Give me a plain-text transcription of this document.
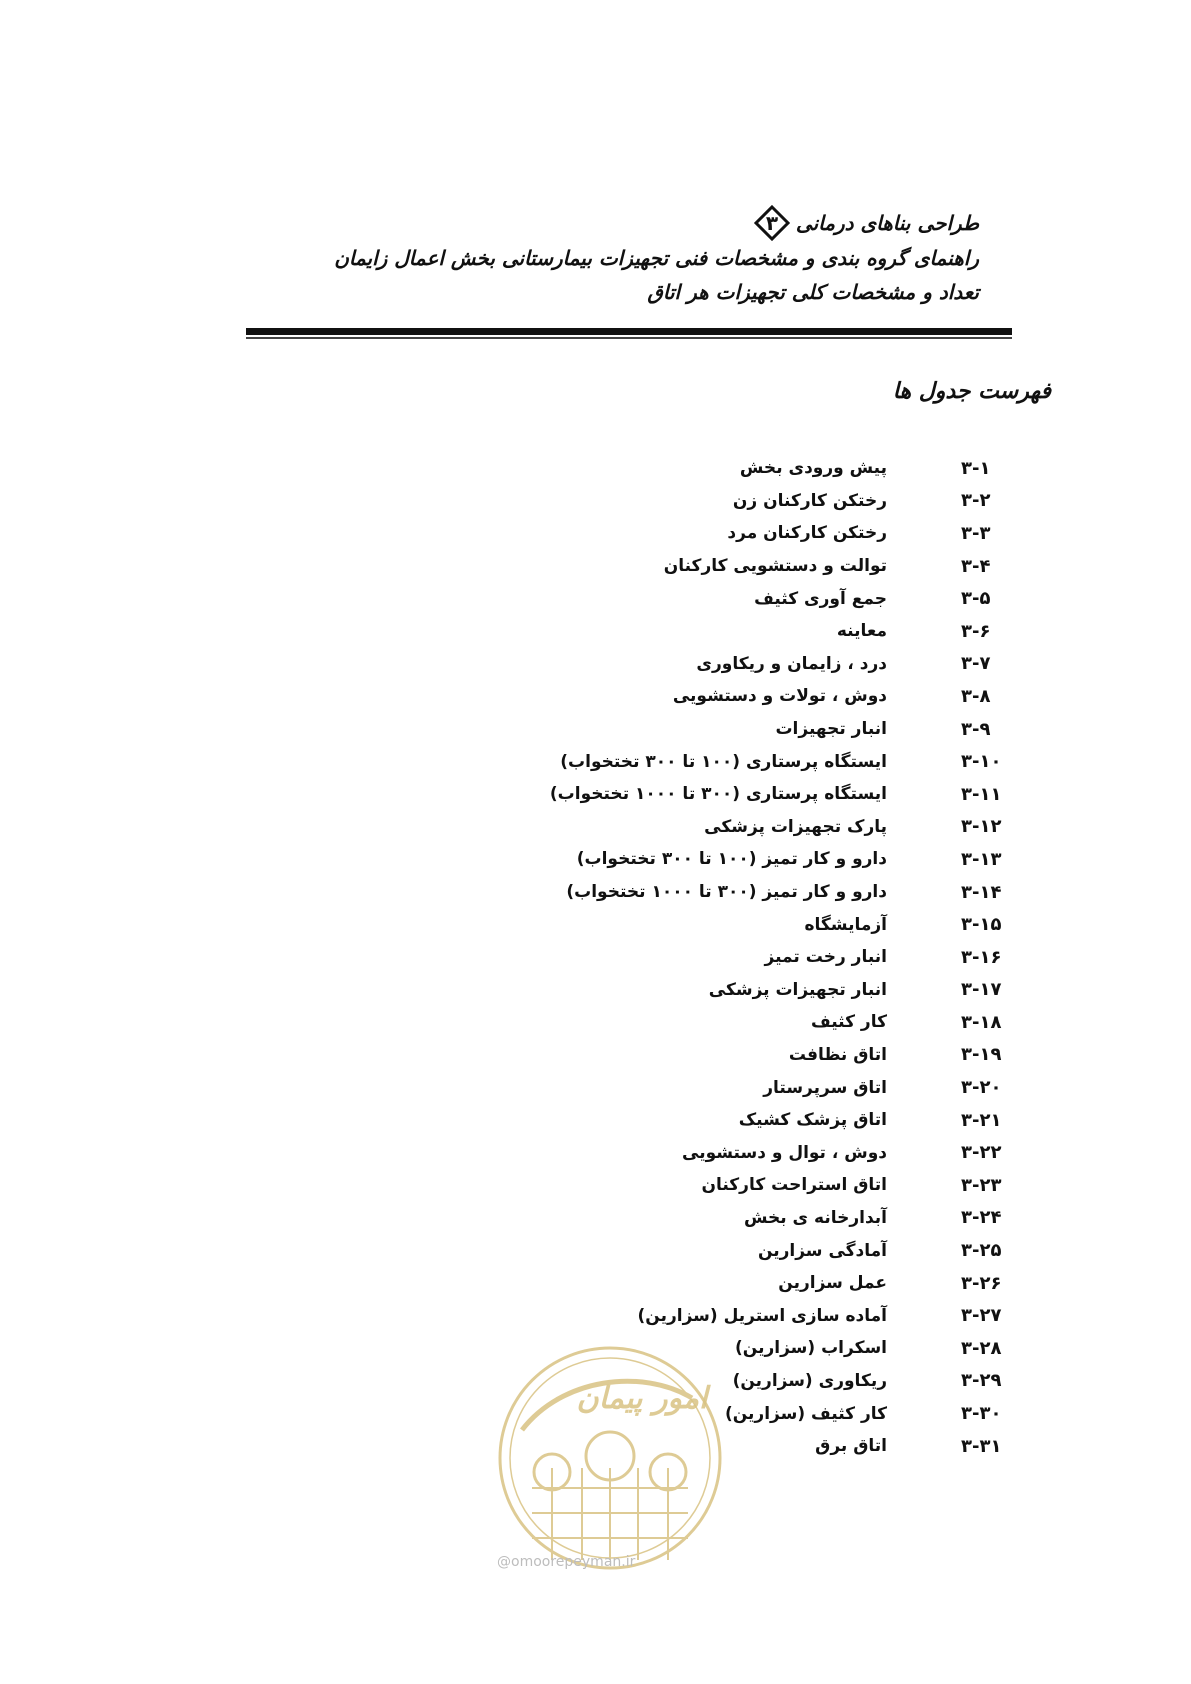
طراحی بناهای درمانی
۳
راهنمای گروه بندی و مشخصات فنی تجهیزات بیمارستانی بخش اعمال زایمان
تعداد و مشخصات کلی تجهیزات هر اتاق
فهرست جدول ها
۳-۱
پیش ورودی بخش
۳-۲
رختکن کارکنان زن
۳-۳
رختکن کارکنان مرد
۳-۴
توالت و دستشویی کارکنان
۳-۵
جمع آوری کثیف
۳-۶
معاینه
۳-۷
درد ، زایمان و ریکاوری
۳-۸
دوش ، تولات و دستشویی
۳-۹
انبار تجهیزات
۳-۱۰
ایستگاه پرستاری (۱۰۰ تا ۳۰۰ تختخواب)
۳-۱۱
ایستگاه پرستاری (۳۰۰ تا ۱۰۰۰ تختخواب)
۳-۱۲
پارک تجهیزات پزشکی
۳-۱۳
دارو و کار تمیز (۱۰۰ تا ۳۰۰ تختخواب)
۳-۱۴
دارو و کار تمیز (۳۰۰ تا ۱۰۰۰ تختخواب)
۳-۱۵
آزمایشگاه
۳-۱۶
انبار رخت تمیز
۳-۱۷
انبار تجهیزات پزشکی
۳-۱۸
کار کثیف
۳-۱۹
اتاق نظافت
۳-۲۰
اتاق سرپرستار
۳-۲۱
اتاق پزشک کشیک
۳-۲۲
دوش ، توال و دستشویی
۳-۲۳
اتاق استراحت کارکنان
۳-۲۴
آبدارخانه ی بخش
۳-۲۵
آمادگی سزارین
۳-۲۶
عمل سزارین
۳-۲۷
آماده سازی استریل (سزارین)
۳-۲۸
اسکراب (سزارین)
۳-۲۹
ریکاوری (سزارین)
۳-۳۰
کار کثیف (سزارین)
۳-۳۱
اتاق برق
امور پیمان
@omoorepeyman.ir
